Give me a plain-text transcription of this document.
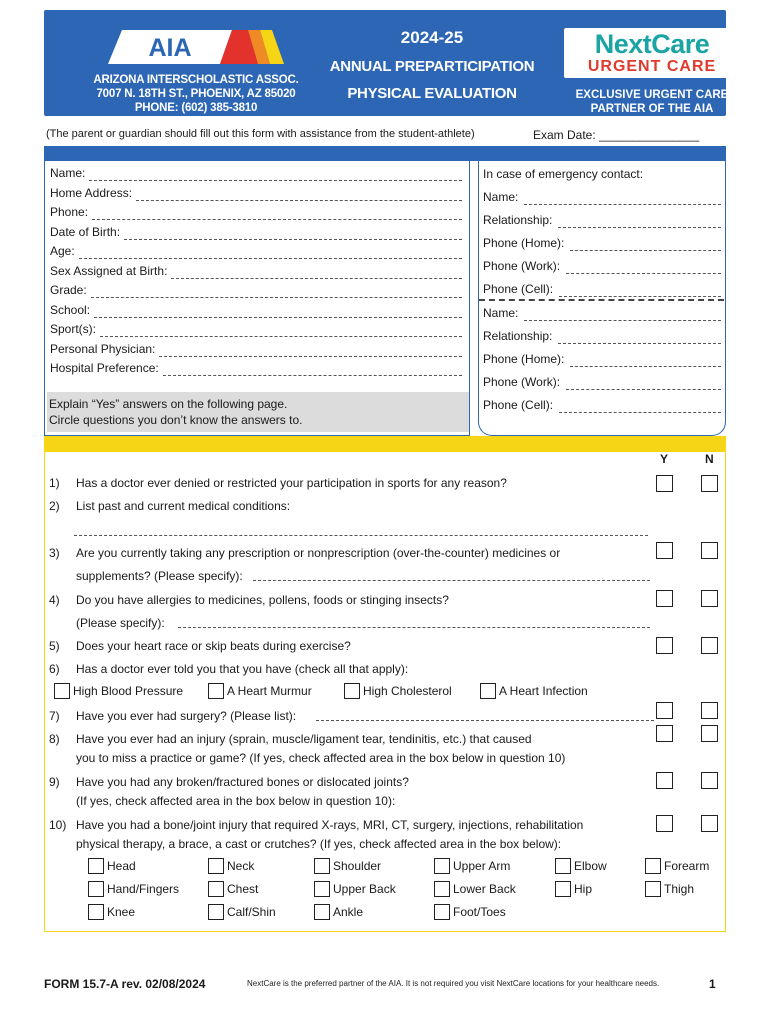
AIA
ARIZONA INTERSCHOLASTIC ASSOC.
7007 N. 18TH ST., PHOENIX, AZ 85020
PHONE: (602) 385-3810
2024-25
ANNUAL PREPARTICIPATION
PHYSICAL EVALUATION
NextCare
URGENT CARE
EXCLUSIVE URGENT CARE
PARTNER OF THE AIA
(The parent or guardian should fill out this form with assistance from the student-athlete)	Exam Date: _______________
Name:
Home Address:
Phone:
Date of Birth:
Age:
Sex Assigned at Birth:
Grade:
School:
Sport(s):
Personal Physician:
Hospital Preference:
Explain “Yes” answers on the following page.
Circle questions you don’t know the answers to.
In case of emergency contact:
Name:
Relationship:
Phone (Home):
Phone (Work):
Phone (Cell):
Name:
Relationship:
Phone (Home):
Phone (Work):
Phone (Cell):
Y	N
1) Has a doctor ever denied or restricted your participation in sports for any reason?
2) List past and current medical conditions:
3) Are you currently taking any prescription or nonprescription (over-the-counter) medicines or
supplements? (Please specify):
4) Do you have allergies to medicines, pollens, foods or stinging insects?
(Please specify):
5) Does your heart race or skip beats during exercise?
6) Has a doctor ever told you that you have (check all that apply):
High Blood Pressure	A Heart Murmur	High Cholesterol	A Heart Infection
7) Have you ever had surgery? (Please list):
8) Have you ever had an injury (sprain, muscle/ligament tear, tendinitis, etc.) that caused
you to miss a practice or game? (If yes, check affected area in the box below in question 10)
9) Have you had any broken/fractured bones or dislocated joints?
(If yes, check affected area in the box below in question 10):
10) Have you had a bone/joint injury that required X-rays, MRI, CT, surgery, injections, rehabilitation
physical therapy, a brace, a cast or crutches? (If yes, check affected area in the box below):
Head	Neck	Shoulder	Upper Arm	Elbow	Forearm
Hand/Fingers	Chest	Upper Back	Lower Back	Hip	Thigh
Knee	Calf/Shin	Ankle	Foot/Toes
FORM 15.7-A rev. 02/08/2024	NextCare is the preferred partner of the AIA. It is not required you visit NextCare locations for your healthcare needs.	1
